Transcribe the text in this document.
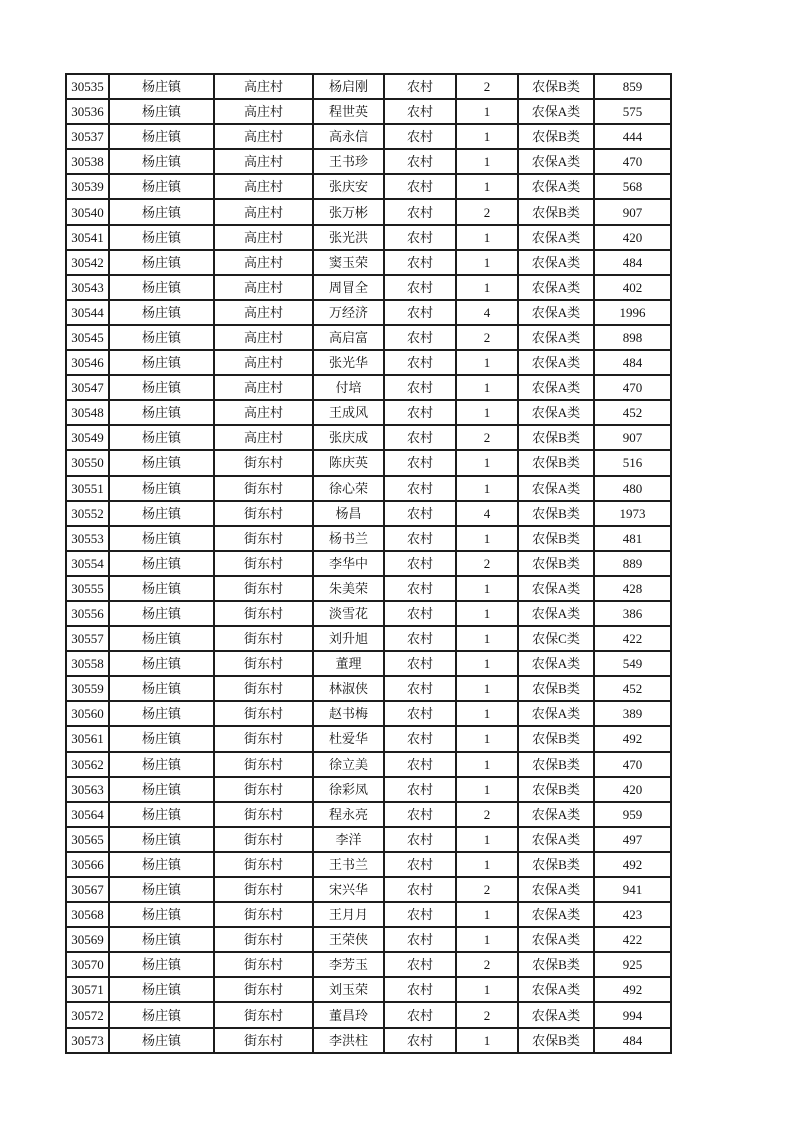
30535	杨庄镇	高庄村	杨启刚	农村	2	农保B类	859
30536	杨庄镇	高庄村	程世英	农村	1	农保A类	575
30537	杨庄镇	高庄村	高永信	农村	1	农保B类	444
30538	杨庄镇	高庄村	王书珍	农村	1	农保A类	470
30539	杨庄镇	高庄村	张庆安	农村	1	农保A类	568
30540	杨庄镇	高庄村	张万彬	农村	2	农保B类	907
30541	杨庄镇	高庄村	张光洪	农村	1	农保A类	420
30542	杨庄镇	高庄村	窦玉荣	农村	1	农保A类	484
30543	杨庄镇	高庄村	周冒全	农村	1	农保A类	402
30544	杨庄镇	高庄村	万经济	农村	4	农保A类	1996
30545	杨庄镇	高庄村	高启富	农村	2	农保A类	898
30546	杨庄镇	高庄村	张光华	农村	1	农保A类	484
30547	杨庄镇	高庄村	付培	农村	1	农保A类	470
30548	杨庄镇	高庄村	王成风	农村	1	农保A类	452
30549	杨庄镇	高庄村	张庆成	农村	2	农保B类	907
30550	杨庄镇	街东村	陈庆英	农村	1	农保B类	516
30551	杨庄镇	街东村	徐心荣	农村	1	农保A类	480
30552	杨庄镇	街东村	杨昌	农村	4	农保B类	1973
30553	杨庄镇	街东村	杨书兰	农村	1	农保B类	481
30554	杨庄镇	街东村	李华中	农村	2	农保B类	889
30555	杨庄镇	街东村	朱美荣	农村	1	农保A类	428
30556	杨庄镇	街东村	淡雪花	农村	1	农保A类	386
30557	杨庄镇	街东村	刘升旭	农村	1	农保C类	422
30558	杨庄镇	街东村	董理	农村	1	农保A类	549
30559	杨庄镇	街东村	林淑侠	农村	1	农保B类	452
30560	杨庄镇	街东村	赵书梅	农村	1	农保A类	389
30561	杨庄镇	街东村	杜爱华	农村	1	农保B类	492
30562	杨庄镇	街东村	徐立美	农村	1	农保B类	470
30563	杨庄镇	街东村	徐彩凤	农村	1	农保B类	420
30564	杨庄镇	街东村	程永亮	农村	2	农保A类	959
30565	杨庄镇	街东村	李洋	农村	1	农保A类	497
30566	杨庄镇	街东村	王书兰	农村	1	农保B类	492
30567	杨庄镇	街东村	宋兴华	农村	2	农保A类	941
30568	杨庄镇	街东村	王月月	农村	1	农保A类	423
30569	杨庄镇	街东村	王荣侠	农村	1	农保A类	422
30570	杨庄镇	街东村	李芳玉	农村	2	农保B类	925
30571	杨庄镇	街东村	刘玉荣	农村	1	农保A类	492
30572	杨庄镇	街东村	董昌玲	农村	2	农保A类	994
30573	杨庄镇	街东村	李洪柱	农村	1	农保B类	484
